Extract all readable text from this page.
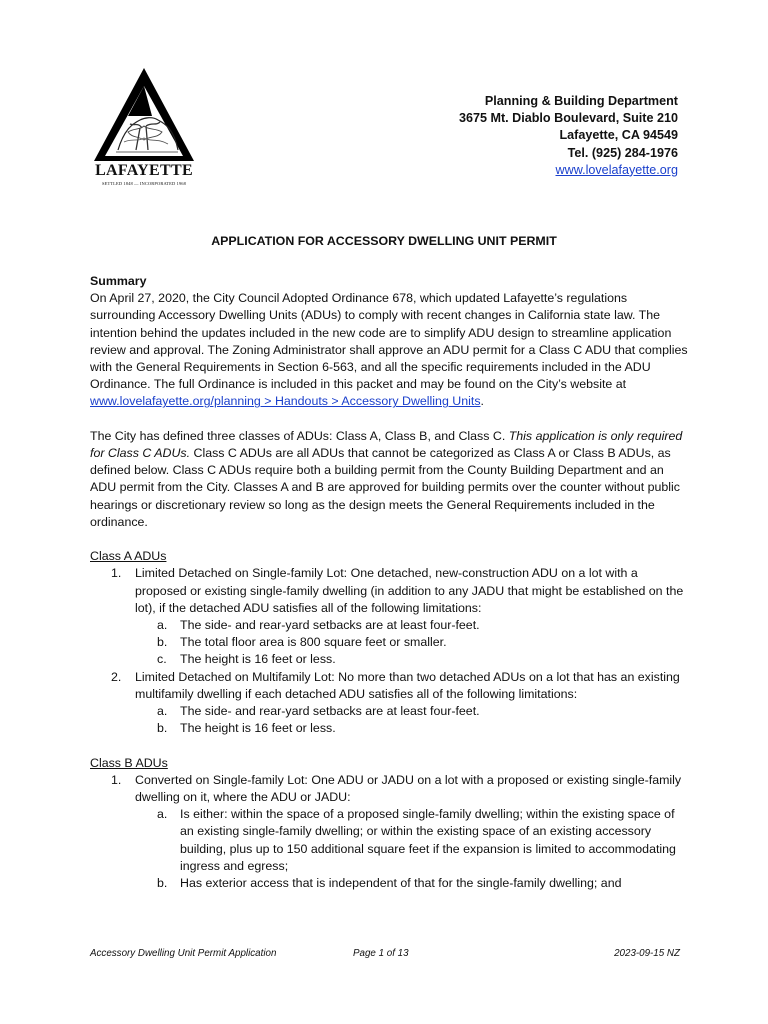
LAFAYETTE
SETTLED 1848 — INCORPORATED 1968
Planning & Building Department
3675 Mt. Diablo Boulevard, Suite 210
Lafayette, CA 94549
Tel. (925) 284-1976
www.lovelafayette.org
APPLICATION FOR ACCESSORY DWELLING UNIT PERMIT

Summary

On April 27, 2020, the City Council Adopted Ordinance 678, which updated Lafayette’s regulations surrounding Accessory Dwelling Units (ADUs) to comply with recent changes in California state law. The intention behind the updates included in the new code are to simplify ADU design to streamline application review and approval. The Zoning Administrator shall approve an ADU permit for a Class C ADU that complies with the General Requirements in Section 6-563, and all the specific requirements included in the ADU Ordinance. The full Ordinance is included in this packet and may be found on the City’s website at www.lovelafayette.org/planning > Handouts > Accessory Dwelling Units.

The City has defined three classes of ADUs: Class A, Class B, and Class C. This application is only required for Class C ADUs. Class C ADUs are all ADUs that cannot be categorized as Class A or Class B ADUs, as defined below. Class C ADUs require both a building permit from the County Building Department and an ADU permit from the City. Classes A and B are approved for building permits over the counter without public hearings or discretionary review so long as the design meets the General Requirements included in the ordinance.

Class A ADUs

1. Limited Detached on Single-family Lot: One detached, new-construction ADU on a lot with a proposed or existing single-family dwelling (in addition to any JADU that might be established on the lot), if the detached ADU satisfies all of the following limitations:
a. The side- and rear-yard setbacks are at least four-feet.
b. The total floor area is 800 square feet or smaller.
c. The height is 16 feet or less.
2. Limited Detached on Multifamily Lot: No more than two detached ADUs on a lot that has an existing multifamily dwelling if each detached ADU satisfies all of the following limitations:
a. The side- and rear-yard setbacks are at least four-feet.
b. The height is 16 feet or less.

Class B ADUs

1. Converted on Single-family Lot: One ADU or JADU on a lot with a proposed or existing single-family dwelling on it, where the ADU or JADU:
a. Is either: within the space of a proposed single-family dwelling; within the existing space of an existing single-family dwelling; or within the existing space of an existing accessory building, plus up to 150 additional square feet if the expansion is limited to accommodating ingress and egress;
b. Has exterior access that is independent of that for the single-family dwelling; and
Accessory Dwelling Unit Permit Application	Page 1 of 13	2023-09-15 NZ
